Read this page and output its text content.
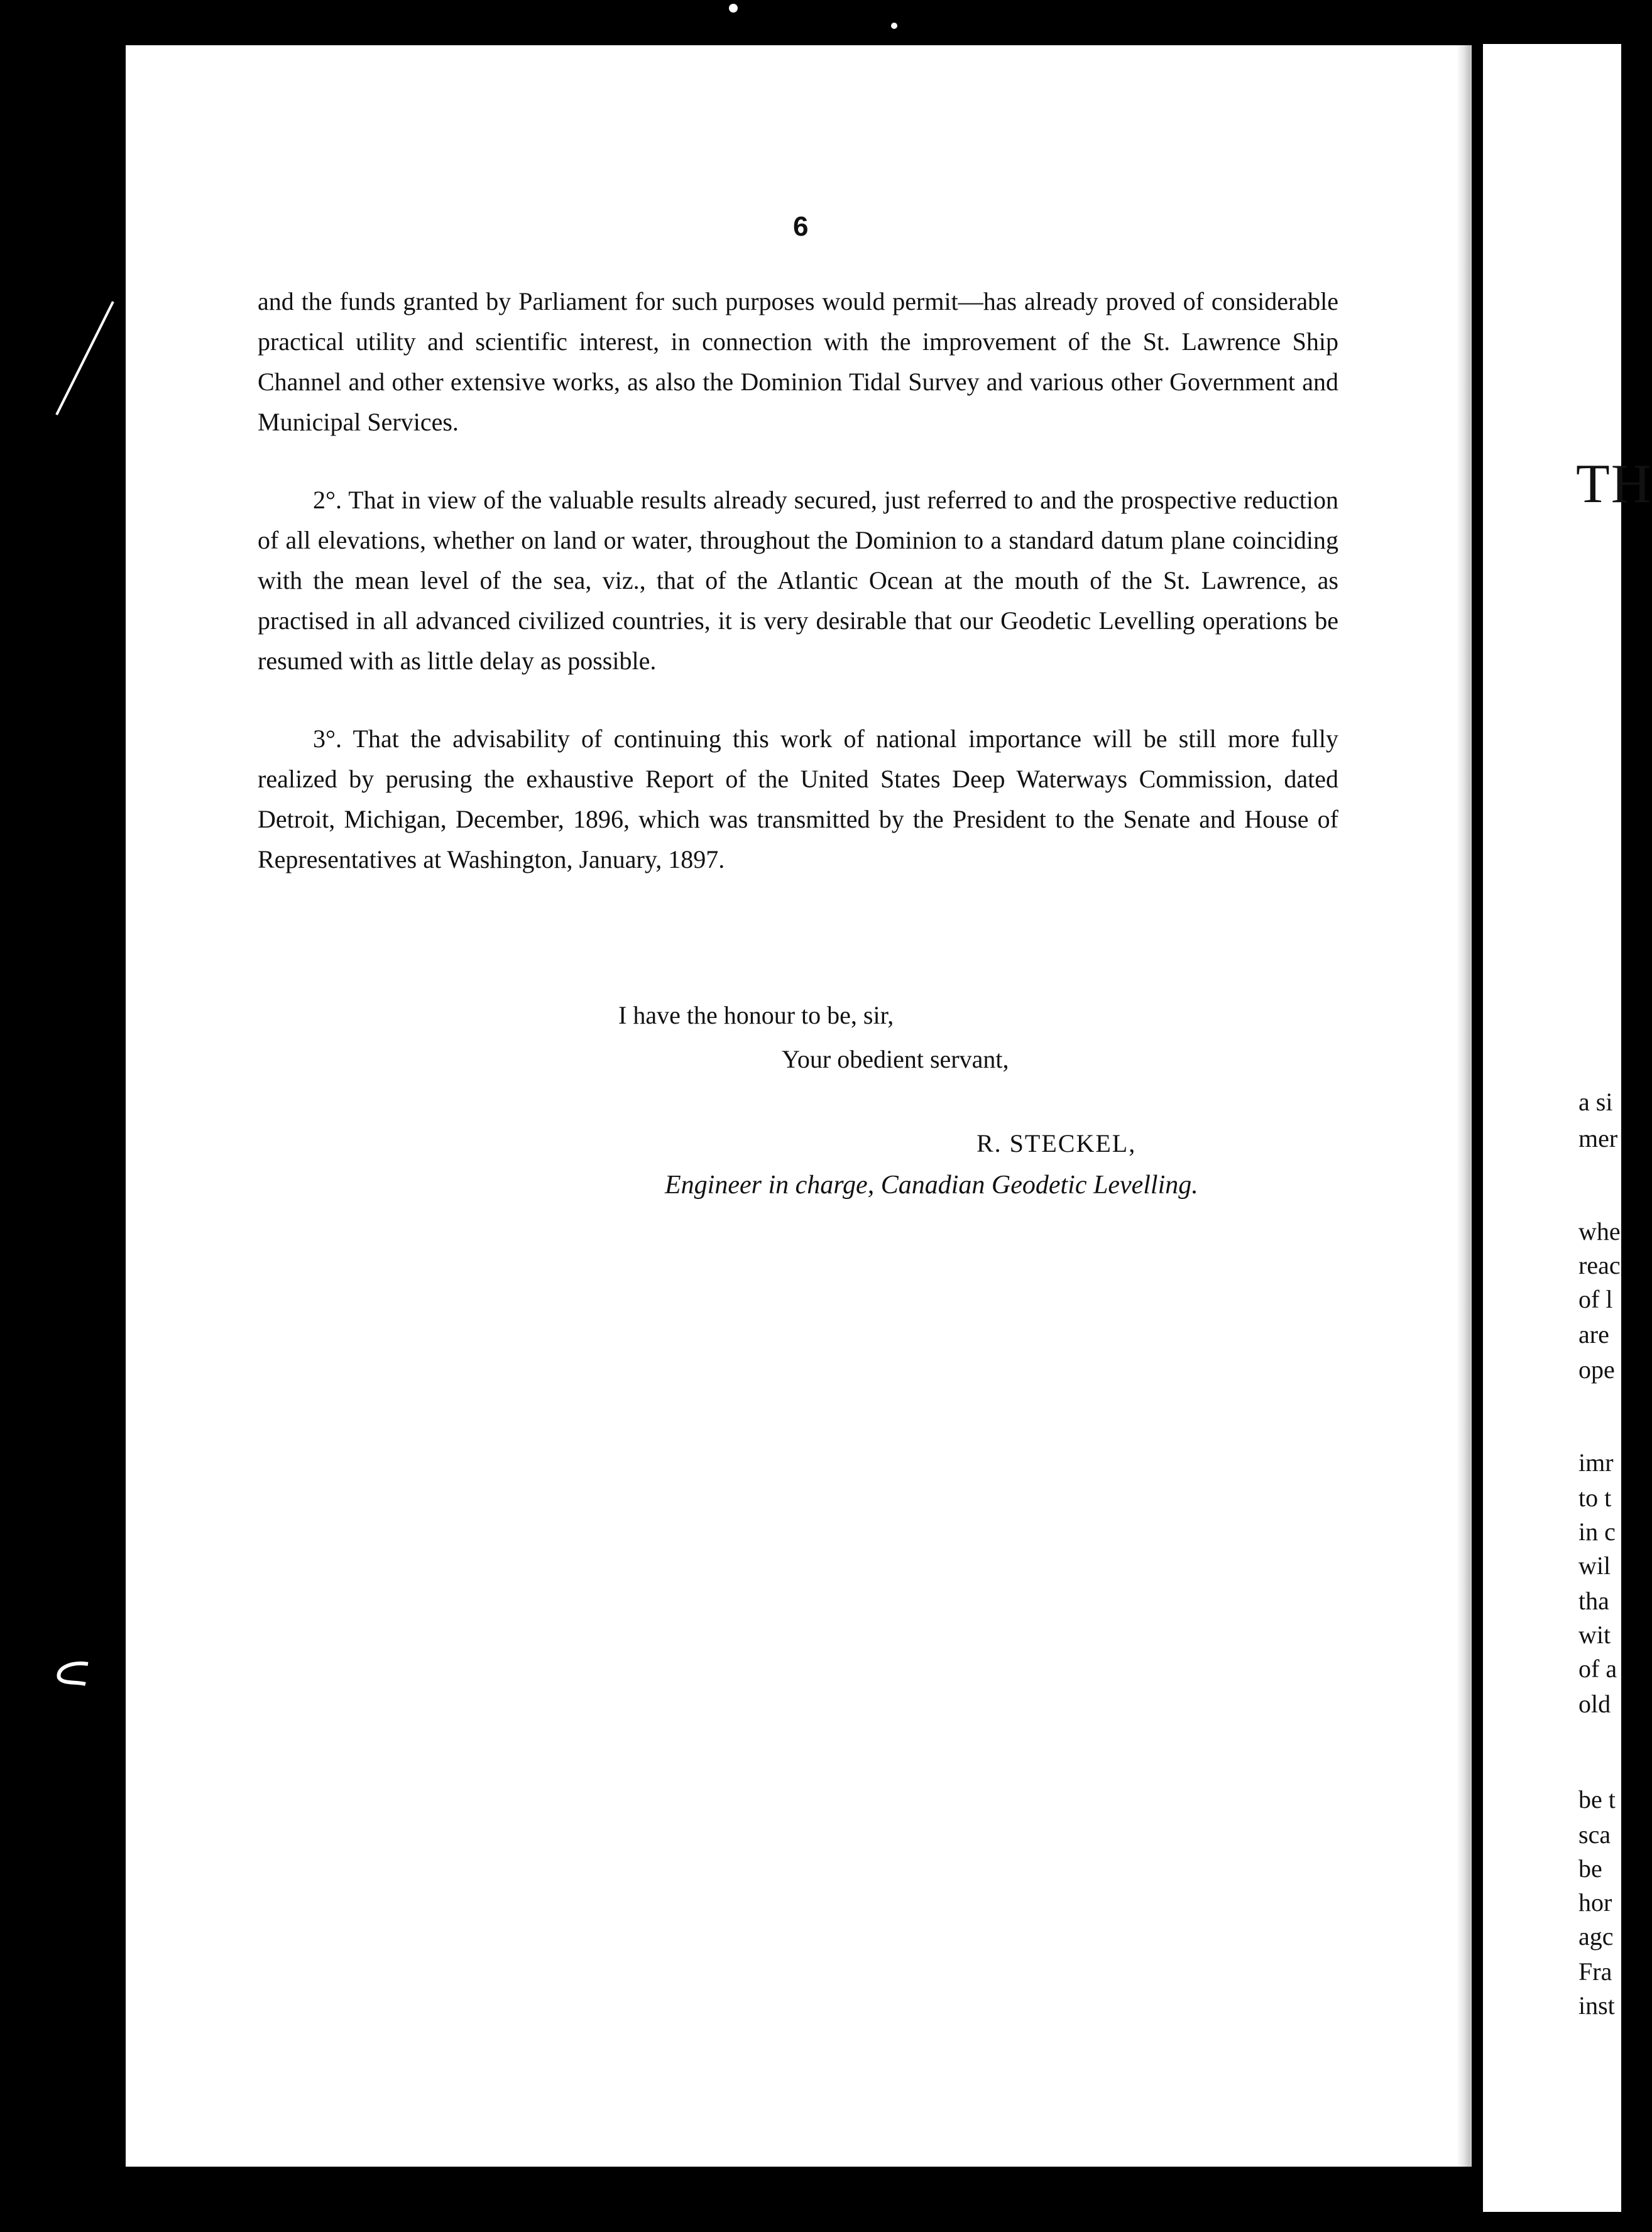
6

and the funds granted by Parliament for such purposes would permit—has already proved of considerable practical utility and scientific interest, in connection with the improvement of the St. Lawrence Ship Channel and other extensive works, as also the Dominion Tidal Survey and various other Government and Municipal Services.

2°. That in view of the valuable results already secured, just referred to and the prospective reduction of all elevations, whether on land or water, throughout the Dominion to a standard datum plane coinciding with the mean level of the sea, viz., that of the Atlantic Ocean at the mouth of the St. Lawrence, as practised in all advanced civilized countries, it is very desirable that our Geodetic Levelling operations be resumed with as little delay as possible.

3°. That the advisability of continuing this work of national importance will be still more fully realized by perusing the exhaustive Report of the United States Deep Waterways Commission, dated Detroit, Michigan, December, 1896, which was transmitted by the President to the Senate and House of Representatives at Washington, January, 1897.

I have the honour to be, sir,

Your obedient servant,

R. STECKEL,

Engineer in charge, Canadian Geodetic Levelling.

TH

a si

mer

whe

reac

of l

are

ope

imr

to t

in c

wil

tha

wit

of a

old

be t

sca

be

hor

agc

Fra

inst
